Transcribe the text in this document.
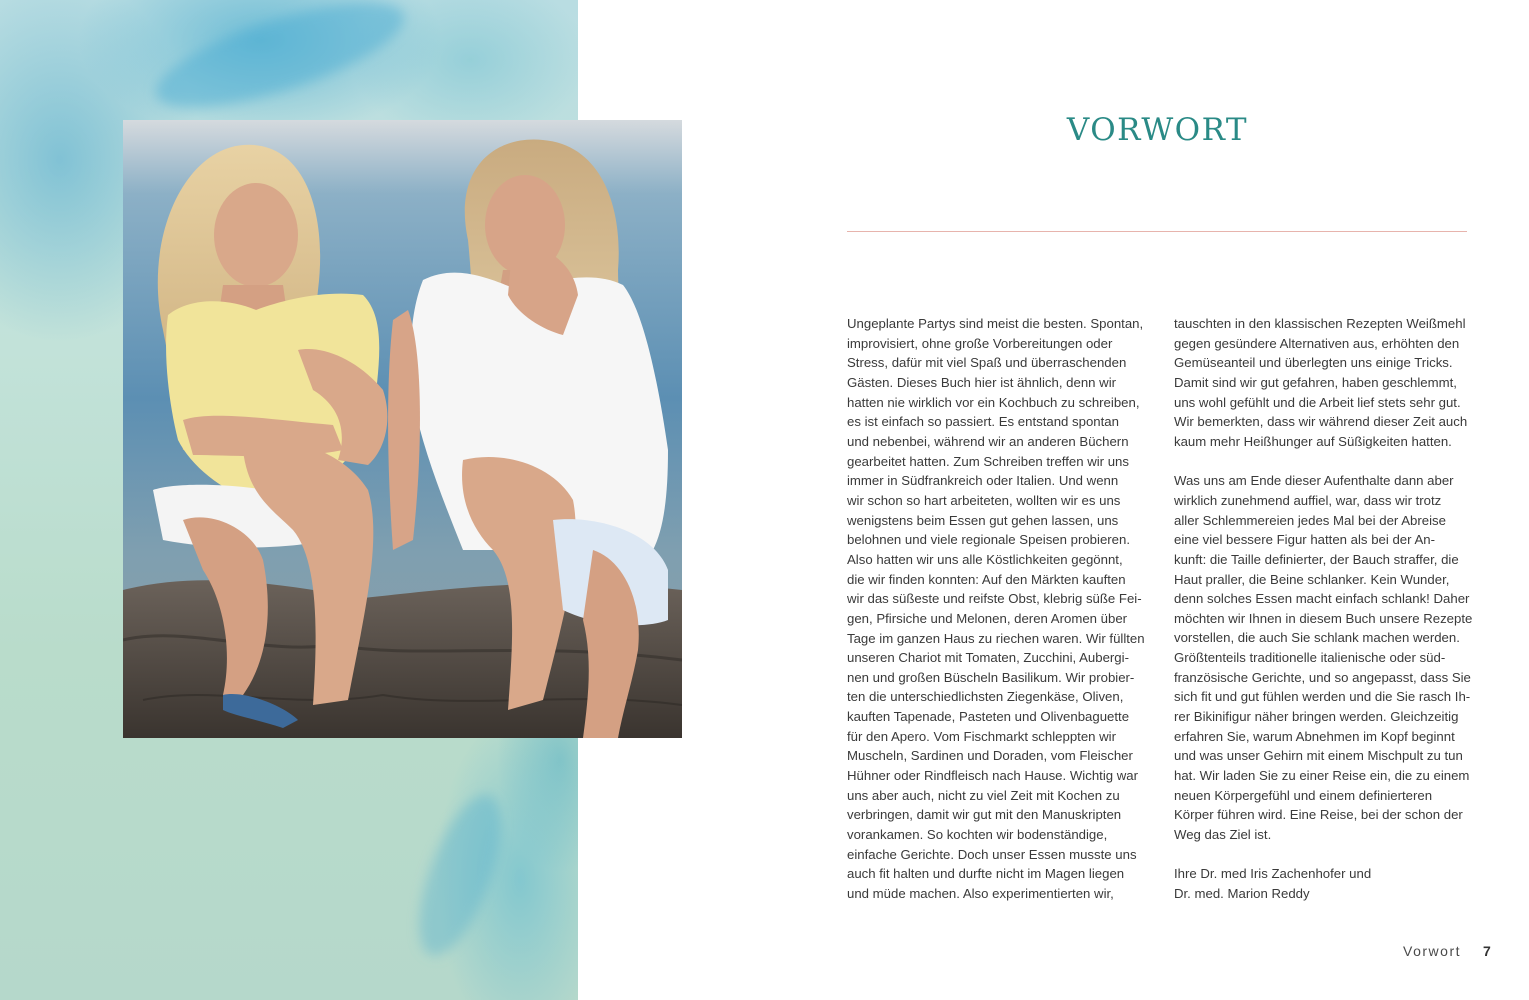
VORWORT
Ungeplante Partys sind meist die besten. Spontan,
improvisiert, ohne große Vorbereitungen oder
Stress, dafür mit viel Spaß und überraschenden
Gästen. Dieses Buch hier ist ähnlich, denn wir
hatten nie wirklich vor ein Kochbuch zu schreiben,
es ist einfach so passiert. Es entstand spontan
und nebenbei, während wir an anderen Büchern
gearbeitet hatten. Zum Schreiben treffen wir uns
immer in Südfrankreich oder Italien. Und wenn
wir schon so hart arbeiteten, wollten wir es uns
wenigstens beim Essen gut gehen lassen, uns
belohnen und viele regionale Speisen probieren.
Also hatten wir uns alle Köstlichkeiten gegönnt,
die wir finden konnten: Auf den Märkten kauften
wir das süßeste und reifste Obst, klebrig süße Fei-
gen, Pfirsiche und Melonen, deren Aromen über
Tage im ganzen Haus zu riechen waren. Wir füllten
unseren Chariot mit Tomaten, Zucchini, Aubergi-
nen und großen Büscheln Basilikum. Wir probier-
ten die unterschiedlichsten Ziegenkäse, Oliven,
kauften Tapenade, Pasteten und Olivenbaguette
für den Apero. Vom Fischmarkt schleppten wir
Muscheln, Sardinen und Doraden, vom Fleischer
Hühner oder Rindfleisch nach Hause. Wichtig war
uns aber auch, nicht zu viel Zeit mit Kochen zu
verbringen, damit wir gut mit den Manuskripten
vorankamen. So kochten wir bodenständige,
einfache Gerichte. Doch unser Essen musste uns
auch fit halten und durfte nicht im Magen liegen
und müde machen. Also experimentierten wir,
tauschten in den klassischen Rezepten Weißmehl
gegen gesündere Alternativen aus, erhöhten den
Gemüseanteil und überlegten uns einige Tricks.
Damit sind wir gut gefahren, haben geschlemmt,
uns wohl gefühlt und die Arbeit lief stets sehr gut.
Wir bemerkten, dass wir während dieser Zeit auch
kaum mehr Heißhunger auf Süßigkeiten hatten.
Was uns am Ende dieser Aufenthalte dann aber
wirklich zunehmend auffiel, war, dass wir trotz
aller Schlemmereien jedes Mal bei der Abreise
eine viel bessere Figur hatten als bei der An-
kunft: die Taille definierter, der Bauch straffer, die
Haut praller, die Beine schlanker. Kein Wunder,
denn solches Essen macht einfach schlank! Daher
möchten wir Ihnen in diesem Buch unsere Rezepte
vorstellen, die auch Sie schlank machen werden.
Größtenteils traditionelle italienische oder süd-
französische Gerichte, und so angepasst, dass Sie
sich fit und gut fühlen werden und die Sie rasch Ih-
rer Bikinifigur näher bringen werden. Gleichzeitig
erfahren Sie, warum Abnehmen im Kopf beginnt
und was unser Gehirn mit einem Mischpult zu tun
hat. Wir laden Sie zu einer Reise ein, die zu einem
neuen Körpergefühl und einem definierteren
Körper führen wird. Eine Reise, bei der schon der
Weg das Ziel ist.
Ihre Dr. med Iris Zachenhofer und
Dr. med. Marion Reddy
Vorwort 7
